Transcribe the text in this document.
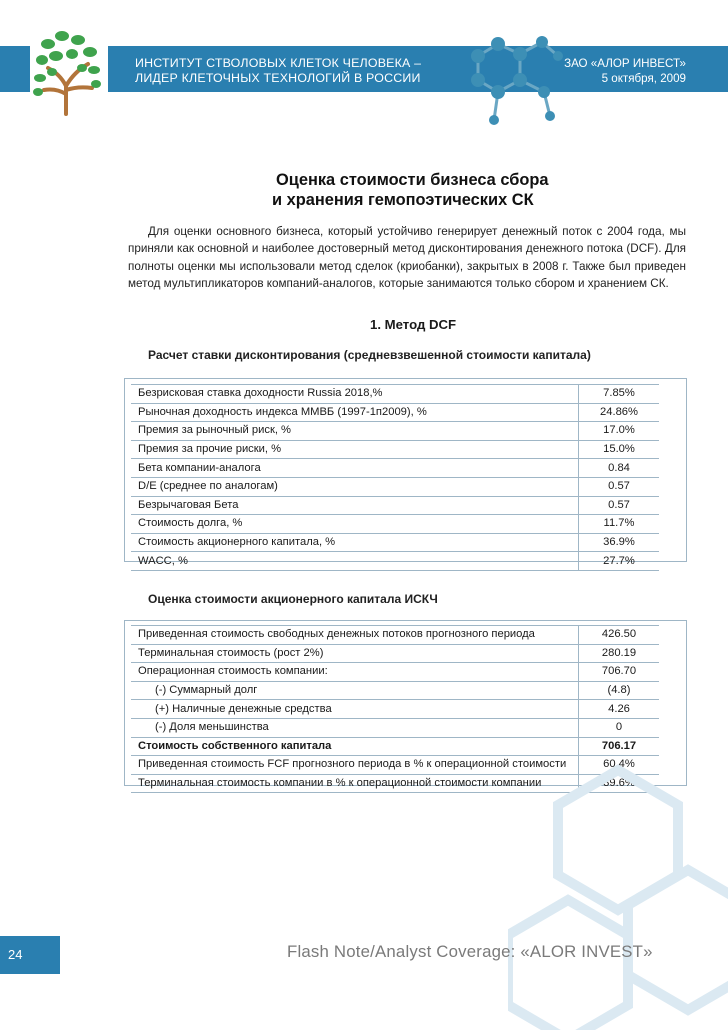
ИНСТИТУТ СТВОЛОВЫХ КЛЕТОК ЧЕЛОВЕКА –
ЛИДЕР КЛЕТОЧНЫХ ТЕХНОЛОГИЙ В РОССИИ
ЗАО «АЛОР ИНВЕСТ»
5 октября, 2009
Оценка стоимости бизнеса сбора
и хранения гемопоэтических СК

Для оценки основного бизнеса, который устойчиво генерирует денежный поток с 2004 года, мы приняли как основной и наиболее достоверный метод дисконтирования денежного потока (DCF). Для полноты оценки мы использовали метод сделок (криобанки), закрытых в 2008 г. Также был приведен метод мультипликаторов компаний-аналогов, которые занимаются только сбором и хранением СК.

1. Метод DCF
Расчет ставки дисконтирования (средневзвешенной стоимости капитала)
Безрисковая ставка доходности Russia 2018,%	7.85%
Рыночная доходность индекса ММВБ (1997-1п2009), %	24.86%
Премия за рыночный риск, %	17.0%
Премия за прочие риски, %	15.0%
Бета компании-аналога	0.84
D/E (среднее по аналогам)	0.57
Безрычаговая Бета	0.57
Стоимость долга, %	11.7%
Стоимость акционерного капитала, %	36.9%
WACC, %	27.7%
Оценка стоимости акционерного капитала ИСКЧ
Приведенная стоимость свободных денежных потоков прогнозного периода	426.50
Терминальная стоимость (рост 2%)	280.19
Операционная стоимость компании:	706.70
(-) Суммарный долг	(4.8)
(+) Наличные денежные средства	4.26
(-) Доля меньшинства	0
Стоимость собственного капитала	706.17
Приведенная стоимость FCF прогнозного периода в % к операционной стоимости	60.4%
Терминальная стоимость компании в % к операционной стоимости компании	39.6%
24	Flash Note/Analyst Coverage: «ALOR INVEST»
